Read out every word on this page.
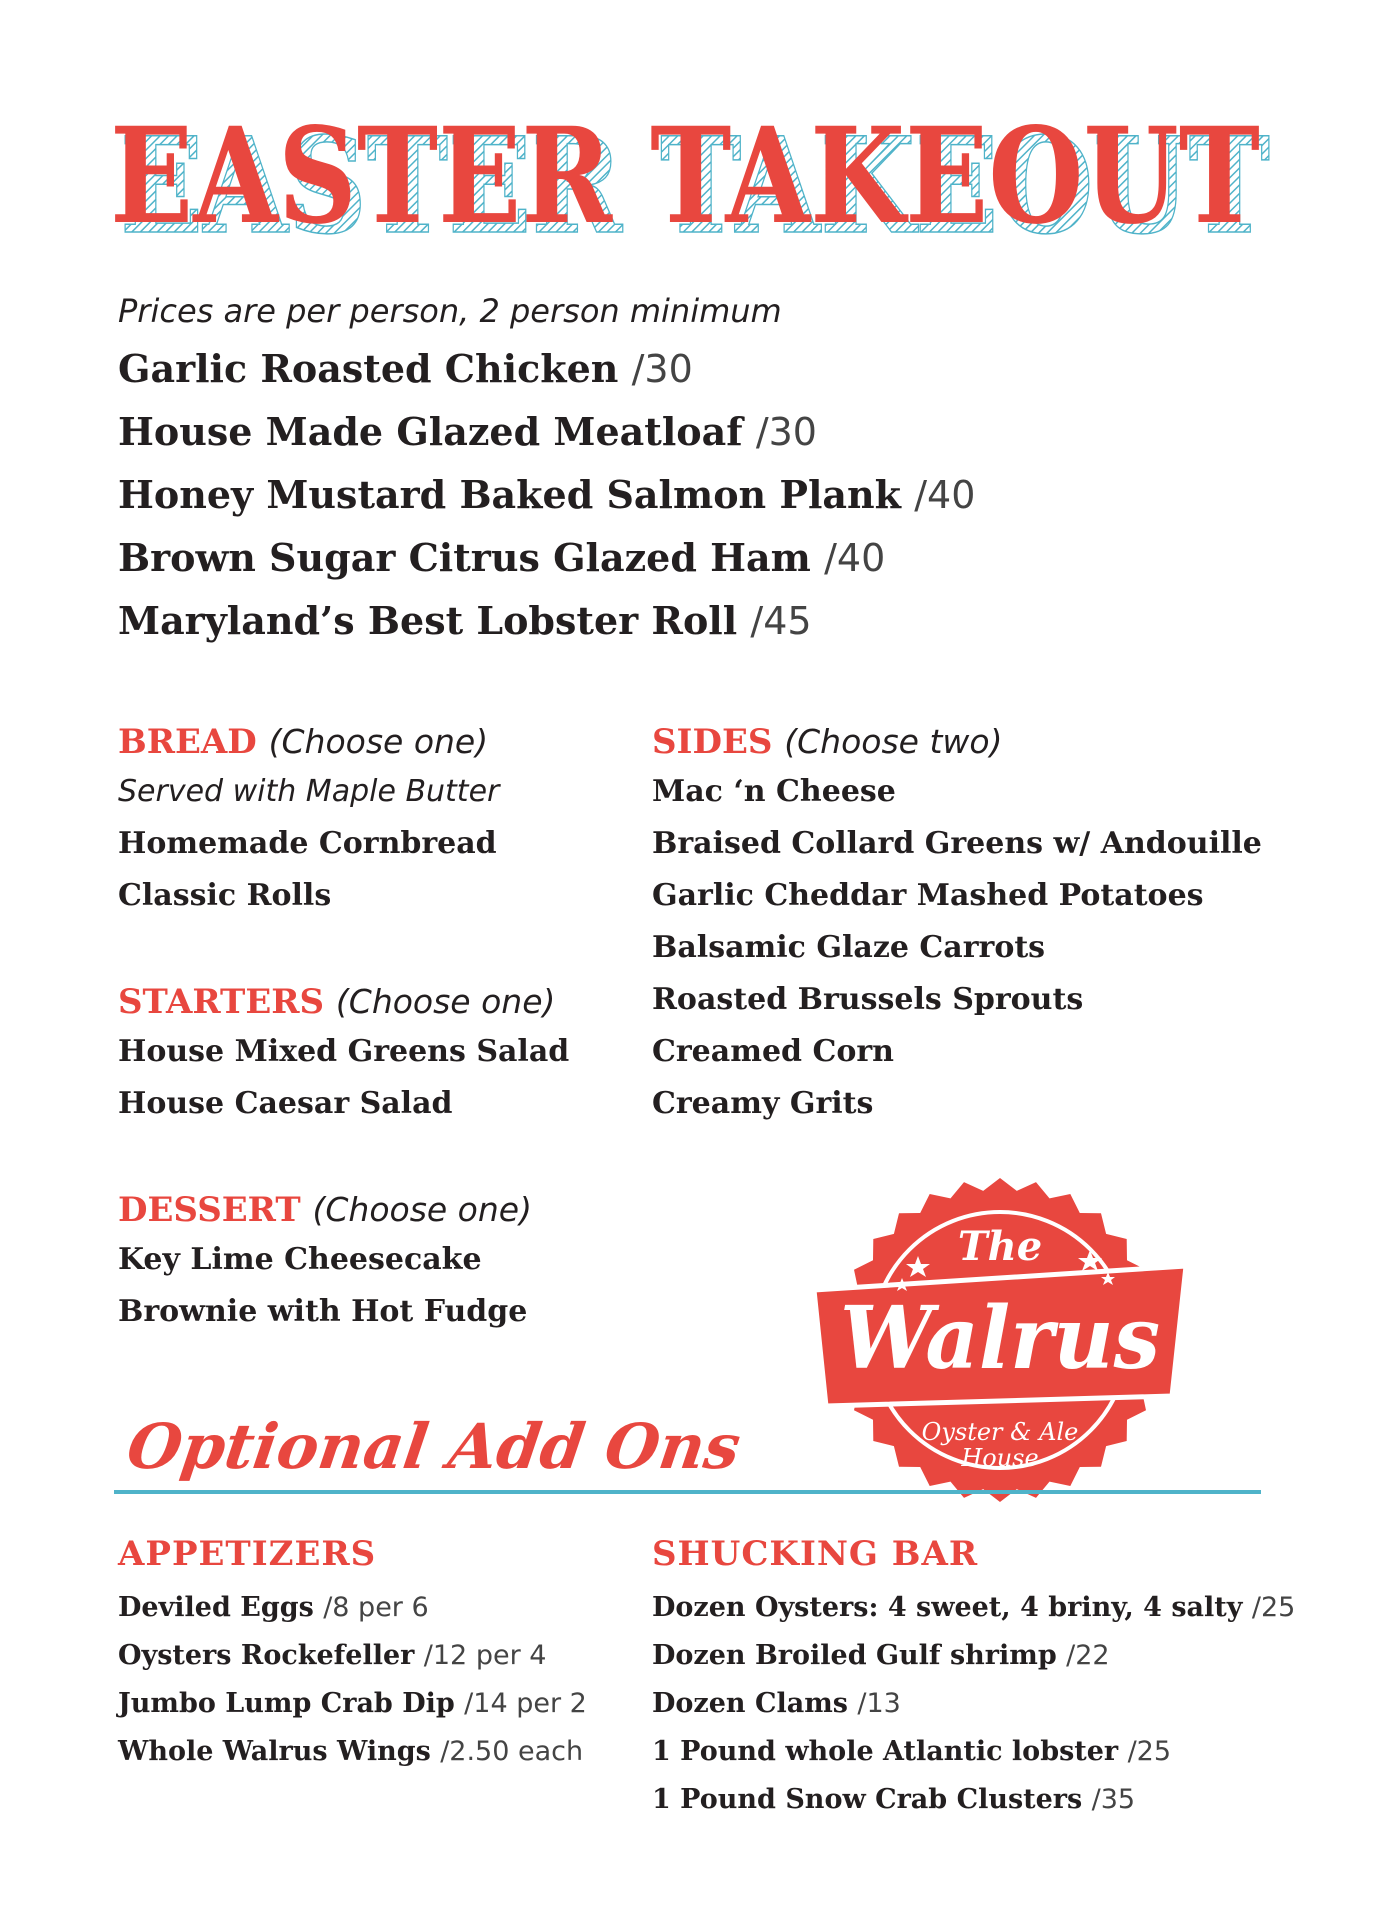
EASTER TAKEOUT
EASTER TAKEOUT
Prices are per person, 2 person minimum
Garlic Roasted Chicken /30
House Made Glazed Meatloaf /30
Honey Mustard Baked Salmon Plank /40
Brown Sugar Citrus Glazed Ham /40
Maryland’s Best Lobster Roll /45
BREAD (Choose one)
Served with Maple Butter
Homemade Cornbread
Classic Rolls
STARTERS (Choose one)
House Mixed Greens Salad
House Caesar Salad
DESSERT (Choose one)
Key Lime Cheesecake
Brownie with Hot Fudge
SIDES (Choose two)
Mac ‘n Cheese
Braised Collard Greens w/ Andouille
Garlic Cheddar Mashed Potatoes
Balsamic Glaze Carrots
Roasted Brussels Sprouts
Creamed Corn
Creamy Grits
The
Walrus
Oyster & Ale
House
Optional Add Ons
APPETIZERS
Deviled Eggs /8 per 6
Oysters Rockefeller /12 per 4
Jumbo Lump Crab Dip /14 per 2
Whole Walrus Wings /2.50 each
SHUCKING BAR
Dozen Oysters: 4 sweet, 4 briny, 4 salty /25
Dozen Broiled Gulf shrimp /22
Dozen Clams /13
1 Pound whole Atlantic lobster /25
1 Pound Snow Crab Clusters /35
